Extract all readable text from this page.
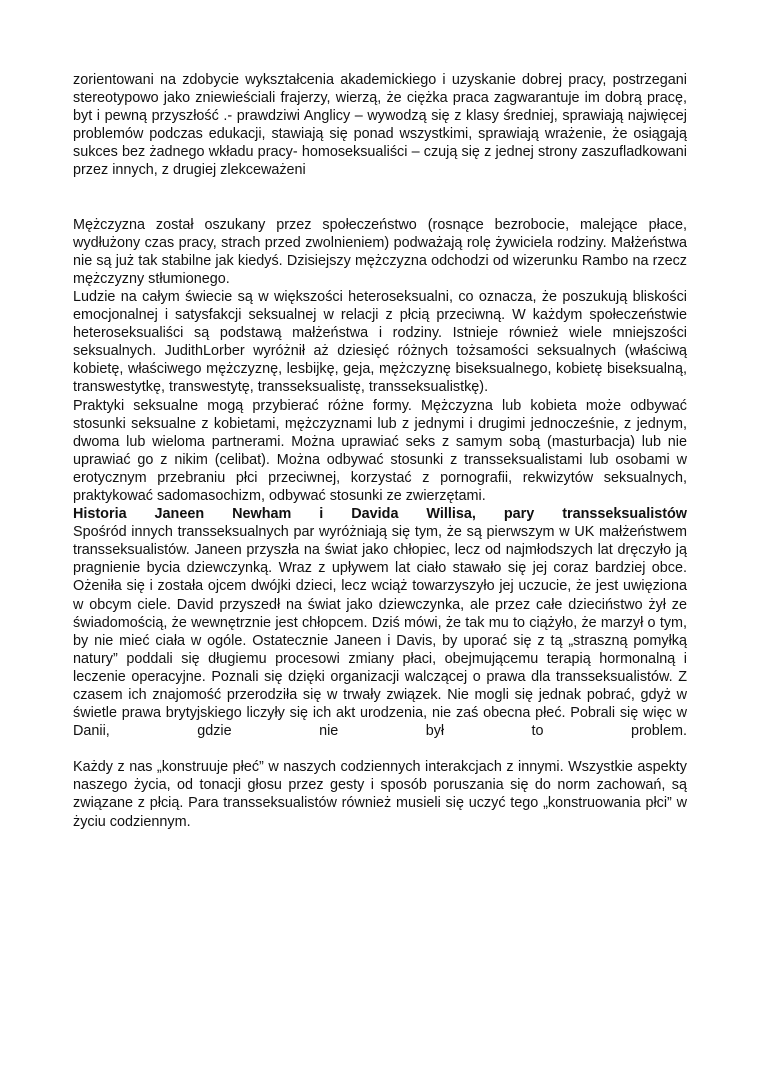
zorientowani na zdobycie wykształcenia akademickiego i uzyskanie dobrej pracy, postrzegani stereotypowo jako zniewieściali frajerzy, wierzą, że ciężka praca zagwarantuje im dobrą pracę, byt i pewną przyszłość .- prawdziwi Anglicy – wywodzą się z klasy średniej, sprawiają najwięcej problemów podczas edukacji, stawiają się ponad wszystkimi, sprawiają wrażenie, że osiągają sukces bez żadnego wkładu pracy- homoseksualiści – czują się z jednej strony zaszufladkowani przez innych, z drugiej zlekceważeni

Mężczyzna został oszukany przez społeczeństwo (rosnące bezrobocie, malejące płace, wydłużony czas pracy, strach przed zwolnieniem) podważają rolę żywiciela rodziny. Małżeństwa nie są już tak stabilne jak kiedyś. Dzisiejszy mężczyzna odchodzi od wizerunku Rambo na rzecz mężczyzny stłumionego.

Ludzie na całym świecie są w większości heteroseksualni, co oznacza, że poszukują bliskości emocjonalnej i satysfakcji seksualnej w relacji z płcią przeciwną. W każdym społeczeństwie heteroseksualiści są podstawą małżeństwa i rodziny. Istnieje również wiele mniejszości seksualnych. JudithLorber wyróżnił aż dziesięć różnych tożsamości seksualnych (właściwą kobietę, właściwego mężczyznę, lesbijkę, geja, mężczyznę biseksualnego, kobietę biseksualną, transwestytkę, transwestytę, transseksualistę, transseksualistkę).

Praktyki seksualne mogą przybierać różne formy. Mężczyzna lub kobieta może odbywać stosunki seksualne z kobietami, mężczyznami lub z jednymi i drugimi jednocześnie, z jednym, dwoma lub wieloma partnerami. Można uprawiać seks z samym sobą (masturbacja) lub nie uprawiać go z nikim (celibat). Można odbywać stosunki z transseksualistami lub osobami w erotycznym przebraniu płci przeciwnej, korzystać z pornografii, rekwizytów seksualnych, praktykować sadomasochizm, odbywać stosunki ze zwierzętami.

Historia Janeen Newham i Davida Willisa, pary transseksualistów

Spośród innych transseksualnych par wyróżniają się tym, że są pierwszym w UK małżeństwem transseksualistów. Janeen przyszła na świat jako chłopiec, lecz od najmłodszych lat dręczyło ją pragnienie bycia dziewczynką. Wraz z upływem lat ciało stawało się jej coraz bardziej obce. Ożeniła się i została ojcem dwójki dzieci, lecz wciąż towarzyszyło jej uczucie, że jest uwięziona w obcym ciele. David przyszedł na świat jako dziewczynka, ale przez całe dzieciństwo żył ze świadomością, że wewnętrznie jest chłopcem. Dziś mówi, że tak mu to ciążyło, że marzył o tym, by nie mieć ciała w ogóle. Ostatecznie Janeen i Davis, by uporać się z tą „straszną pomyłką natury” poddali się długiemu procesowi zmiany płaci, obejmującemu terapią hormonalną i leczenie operacyjne. Poznali się dzięki organizacji walczącej o prawa dla transseksualistów. Z czasem ich znajomość przerodziła się w trwały związek. Nie mogli się jednak pobrać, gdyż w świetle prawa brytyjskiego liczyły się ich akt urodzenia, nie zaś obecna płeć. Pobrali się więc w Danii, gdzie nie był to problem.

Każdy z nas „konstruuje płeć” w naszych codziennych interakcjach z innymi. Wszystkie aspekty naszego życia, od tonacji głosu przez gesty i sposób poruszania się do norm zachowań, są związane z płcią. Para transseksualistów również musieli się uczyć tego „konstruowania płci” w życiu codziennym.
